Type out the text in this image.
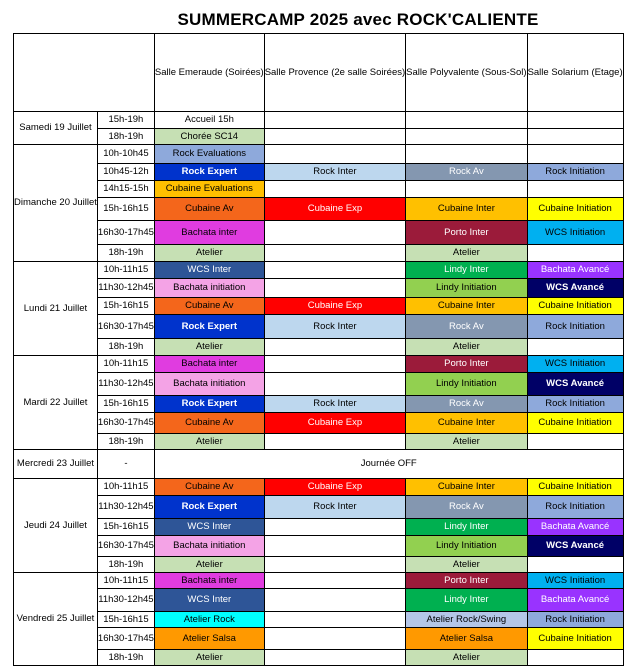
SUMMERCAMP 2025 avec ROCK'CALIENTE
		Salle Emeraude (Soirées)	Salle Provence (2e salle Soirées)	Salle Polyvalente (Sous-Sol)	Salle Solarium (Etage)
Samedi 19 Juillet	15h-19h	Accueil 15h			
	18h-19h	Chorée SC14			
Dimanche 20 Juillet	10h-10h45	Rock Evaluations			
	10h45-12h	Rock Expert	Rock Inter	Rock Av	Rock Initiation
	14h15-15h	Cubaine Evaluations			
	15h-16h15	Cubaine Av	Cubaine Exp	Cubaine Inter	Cubaine Initiation
	16h30-17h45	Bachata inter		Porto Inter	WCS Initiation
	18h-19h	Atelier		Atelier	
Lundi 21 Juillet	10h-11h15	WCS Inter		Lindy Inter	Bachata Avancé
	11h30-12h45	Bachata initiation		Lindy Initiation	WCS Avancé
	15h-16h15	Cubaine Av	Cubaine Exp	Cubaine Inter	Cubaine Initiation
	16h30-17h45	Rock Expert	Rock Inter	Rock Av	Rock Initiation
	18h-19h	Atelier		Atelier	
Mardi 22 Juillet	10h-11h15	Bachata inter		Porto Inter	WCS Initiation
	11h30-12h45	Bachata initiation		Lindy Initiation	WCS Avancé
	15h-16h15	Rock Expert	Rock Inter	Rock Av	Rock Initiation
	16h30-17h45	Cubaine Av	Cubaine Exp	Cubaine Inter	Cubaine Initiation
	18h-19h	Atelier		Atelier	
Mercredi 23 Juillet	-	Journée OFF			
Jeudi 24 Juillet	10h-11h15	Cubaine Av	Cubaine Exp	Cubaine Inter	Cubaine Initiation
	11h30-12h45	Rock Expert	Rock Inter	Rock Av	Rock Initiation
	15h-16h15	WCS Inter		Lindy Inter	Bachata Avancé
	16h30-17h45	Bachata initiation		Lindy Initiation	WCS Avancé
	18h-19h	Atelier		Atelier	
Vendredi 25 Juillet	10h-11h15	Bachata inter		Porto Inter	WCS Initiation
	11h30-12h45	WCS Inter		Lindy Inter	Bachata Avancé
	15h-16h15	Atelier Rock		Atelier Rock/Swing	Rock Initiation
	16h30-17h45	Atelier Salsa		Atelier Salsa	Cubaine Initiation
	18h-19h	Atelier		Atelier	
